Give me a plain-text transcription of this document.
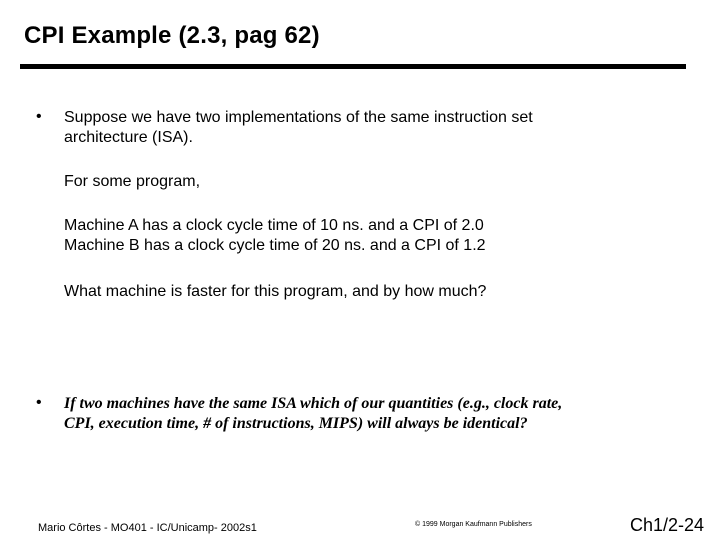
CPI Example (2.3, pag 62)
• Suppose we have two implementations of the same instruction set
architecture (ISA).
For some program,
Machine A has a clock cycle time of 10 ns. and a CPI of 2.0
Machine B has a clock cycle time of 20 ns. and a CPI of 1.2
What machine is faster for this program, and by how much?
• If two machines have the same ISA which of our quantities (e.g., clock rate,
CPI, execution time, # of instructions, MIPS) will always be identical?
Mario Côrtes - MO401 - IC/Unicamp- 2002s1	© 1999 Morgan Kaufmann Publishers	Ch1/2-24
